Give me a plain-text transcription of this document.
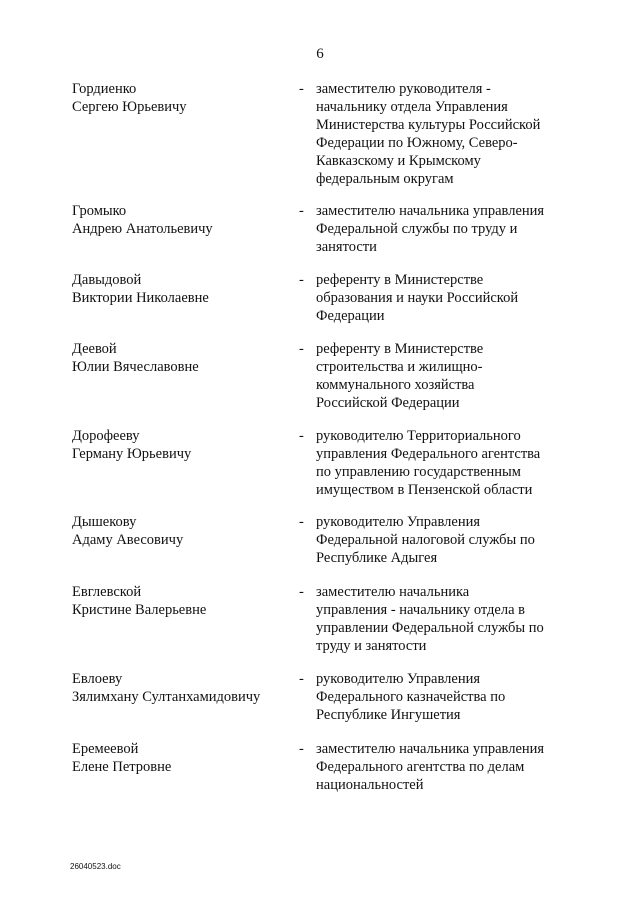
6
Гордиенко
Сергею Юрьевичу
- заместителю руководителя -
начальнику отдела Управления
Министерства культуры Российской
Федерации по Южному, Северо-
Кавказскому и Крымскому
федеральным округам
Громыко
Андрею Анатольевичу
- заместителю начальника управления
Федеральной службы по труду и
занятости
Давыдовой
Виктории Николаевне
- референту в Министерстве
образования и науки Российской
Федерации
Деевой
Юлии Вячеславовне
- референту в Министерстве
строительства и жилищно-
коммунального хозяйства
Российской Федерации
Дорофееву
Герману Юрьевичу
- руководителю Территориального
управления Федерального агентства
по управлению государственным
имуществом в Пензенской области
Дышекову
Адаму Авесовичу
- руководителю Управления
Федеральной налоговой службы по
Республике Адыгея
Евглевской
Кристине Валерьевне
- заместителю начальника
управления - начальнику отдела в
управлении Федеральной службы по
труду и занятости
Евлоеву
Зялимхану Султанхамидовичу
- руководителю Управления
Федерального казначейства по
Республике Ингушетия
Еремеевой
Елене Петровне
- заместителю начальника управления
Федерального агентства по делам
национальностей
26040523.doc
